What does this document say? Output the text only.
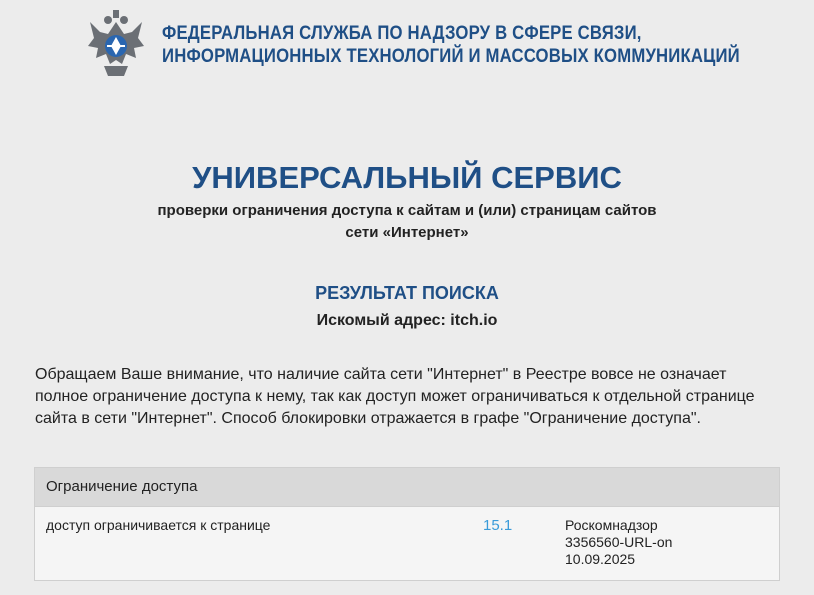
ФЕДЕРАЛЬНАЯ СЛУЖБА ПО НАДЗОРУ В СФЕРЕ СВЯЗИ,
ИНФОРМАЦИОННЫХ ТЕХНОЛОГИЙ И МАССОВЫХ КОММУНИКАЦИЙ
УНИВЕРСАЛЬНЫЙ СЕРВИС
проверки ограничения доступа к сайтам и (или) страницам сайтов
сети «Интернет»
РЕЗУЛЬТАТ ПОИСКА
Искомый адрес: itch.io
Обращаем Ваше внимание, что наличие сайта сети "Интернет" в Реестре вовсе не означает полное ограничение доступа к нему, так как доступ может ограничиваться к отдельной странице сайта в сети "Интернет". Способ блокировки отражается в графе "Ограничение доступа".
Ограничение доступа
доступ ограничивается к странице	15.1	Роскомнадзор
3356560-URL-on
10.09.2025
